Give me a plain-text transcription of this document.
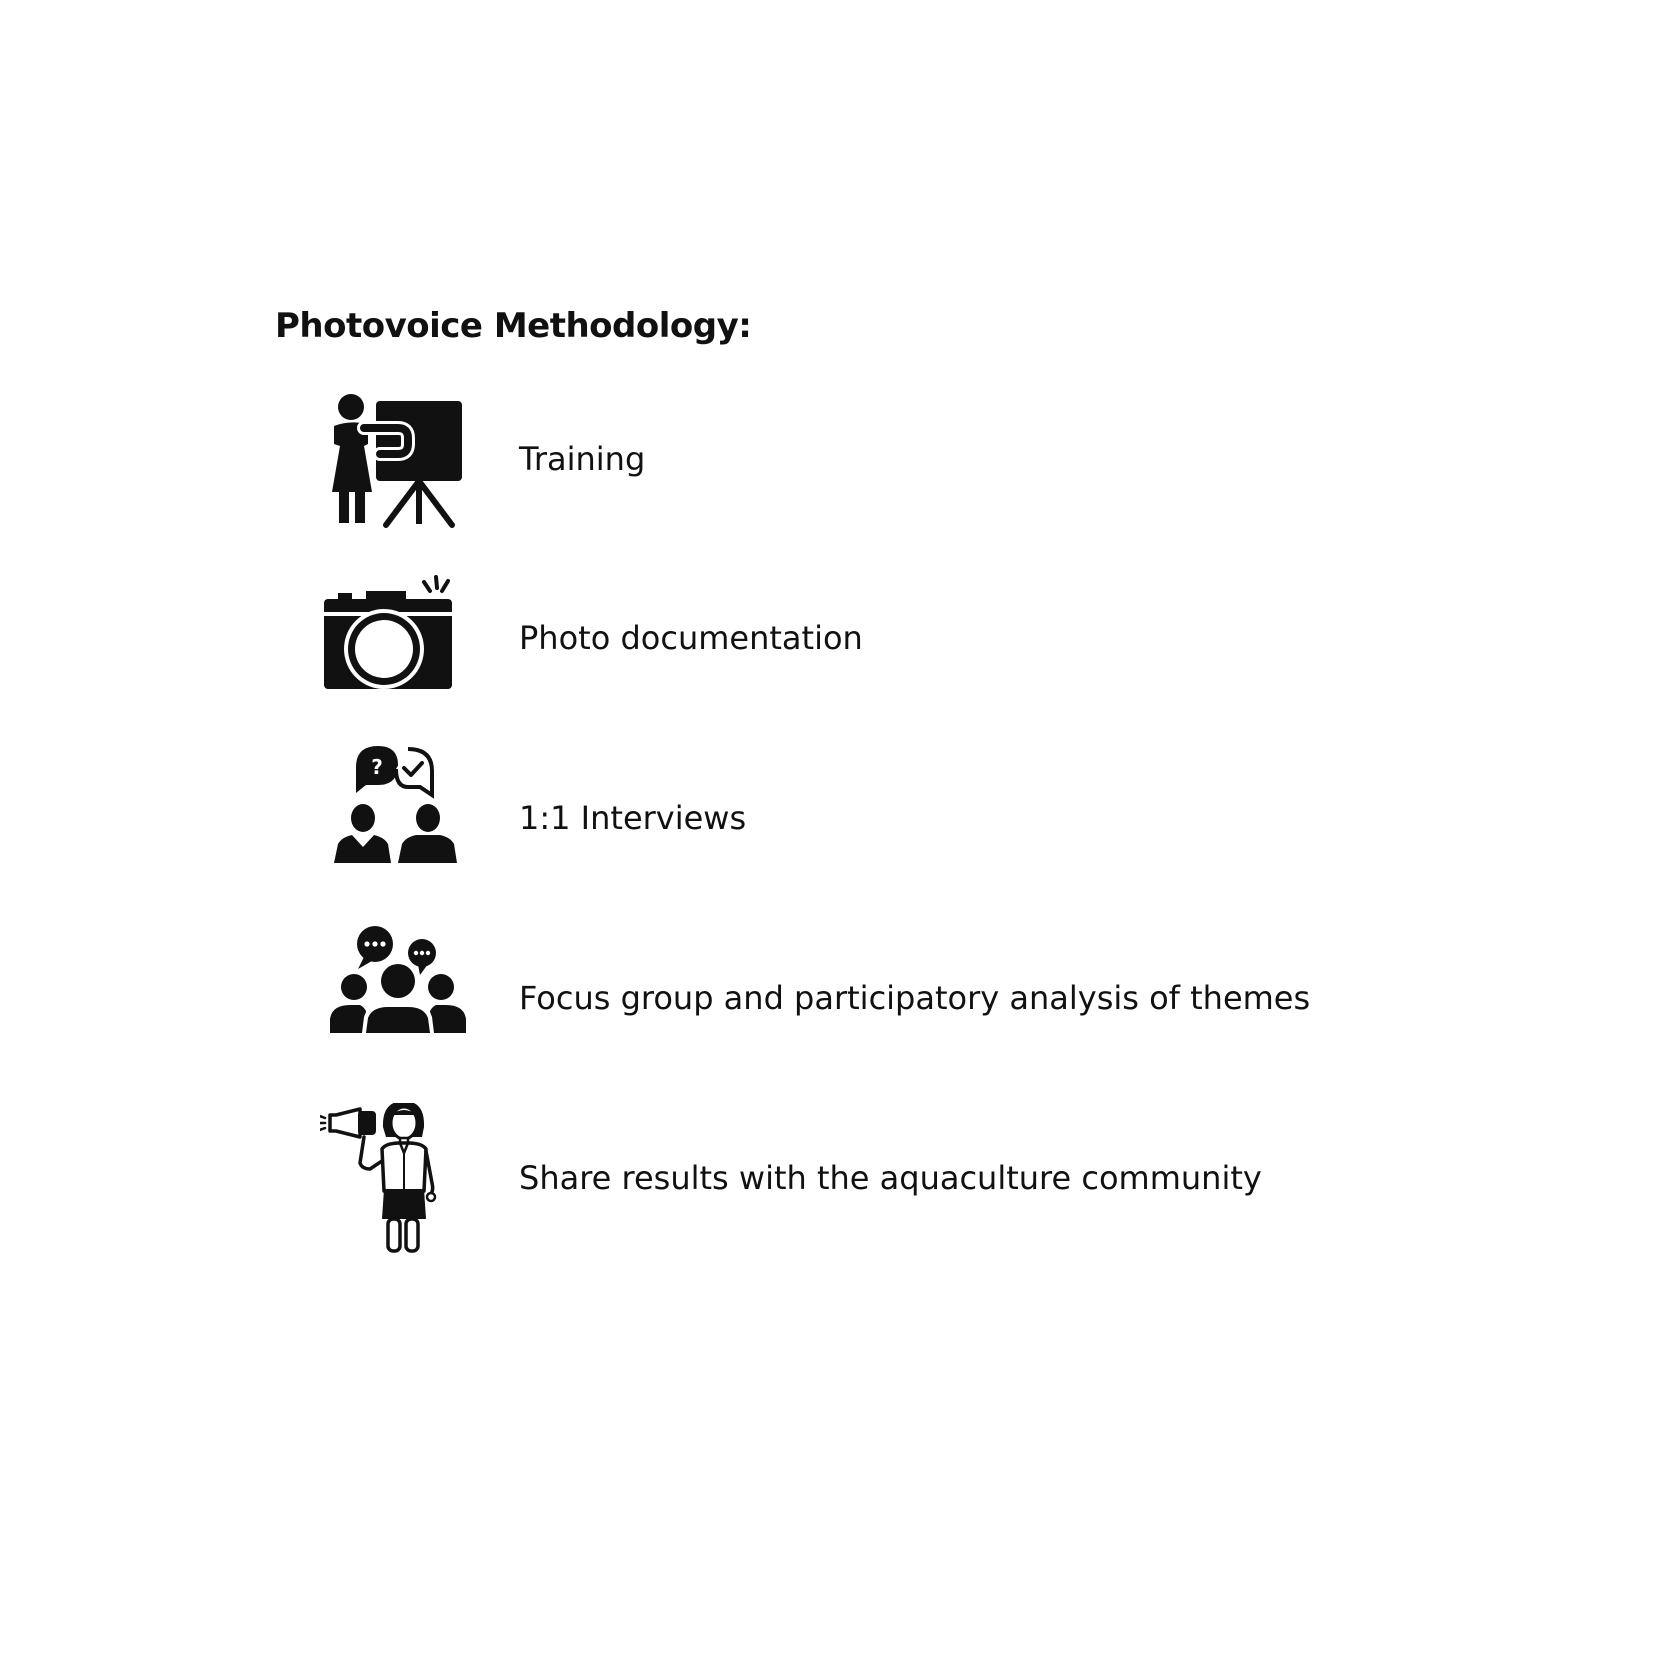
Photovoice Methodology:
Training
Photo documentation
?
1:1 Interviews
Focus group and participatory analysis of themes
Share results with the aquaculture community
